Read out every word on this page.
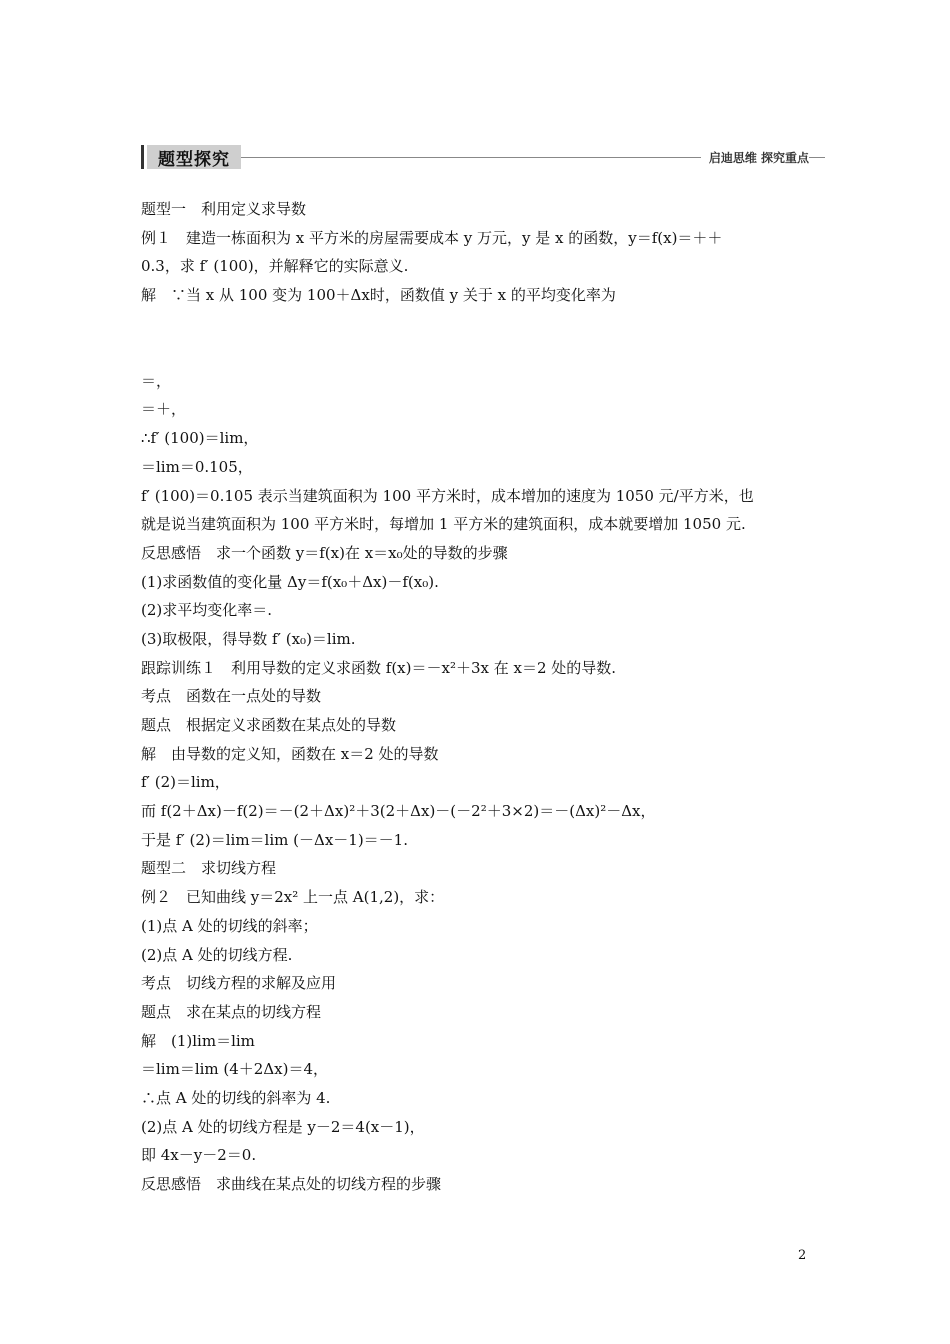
题型探究	启迪思维 探究重点
题型一　利用定义求导数
例１　建造一栋面积为 x 平方米的房屋需要成本 y 万元，y 是 x 的函数，y＝f(x)＝＋＋
0.3，求 f′ (100)，并解释它的实际意义.
解　∵当 x 从 100 变为 100＋Δx时，函数值 y 关于 x 的平均变化率为
＝，
＝＋，
∴f′ (100)＝lim，
＝lim＝0.105，
f′ (100)＝0.105 表示当建筑面积为 100 平方米时，成本增加的速度为 1050 元/平方米，也
就是说当建筑面积为 100 平方米时，每增加 1 平方米的建筑面积，成本就要增加 1050 元.
反思感悟　求一个函数 y＝f(x)在 x＝x₀处的导数的步骤
(1)求函数值的变化量 Δy＝f(x₀＋Δx)－f(x₀).
(2)求平均变化率＝.
(3)取极限，得导数 f′ (x₀)＝lim.
跟踪训练１　利用导数的定义求函数 f(x)＝－x²＋3x 在 x＝2 处的导数.
考点　函数在一点处的导数
题点　根据定义求函数在某点处的导数
解　由导数的定义知，函数在 x＝2 处的导数
f′ (2)＝lim，
而 f(2＋Δx)－f(2)＝－(2＋Δx)²＋3(2＋Δx)－(－2²＋3×2)＝－(Δx)²－Δx，
于是 f′ (2)＝lim＝lim (－Δx－1)＝－1.
题型二　求切线方程
例２　已知曲线 y＝2x² 上一点 A(1,2)，求：
(1)点 A 处的切线的斜率；
(2)点 A 处的切线方程.
考点　切线方程的求解及应用
题点　求在某点的切线方程
解　(1)lim＝lim
＝lim＝lim (4＋2Δx)＝4，
∴点 A 处的切线的斜率为 4.
(2)点 A 处的切线方程是 y－2＝4(x－1)，
即 4x－y－2＝0.
反思感悟　求曲线在某点处的切线方程的步骤
2
